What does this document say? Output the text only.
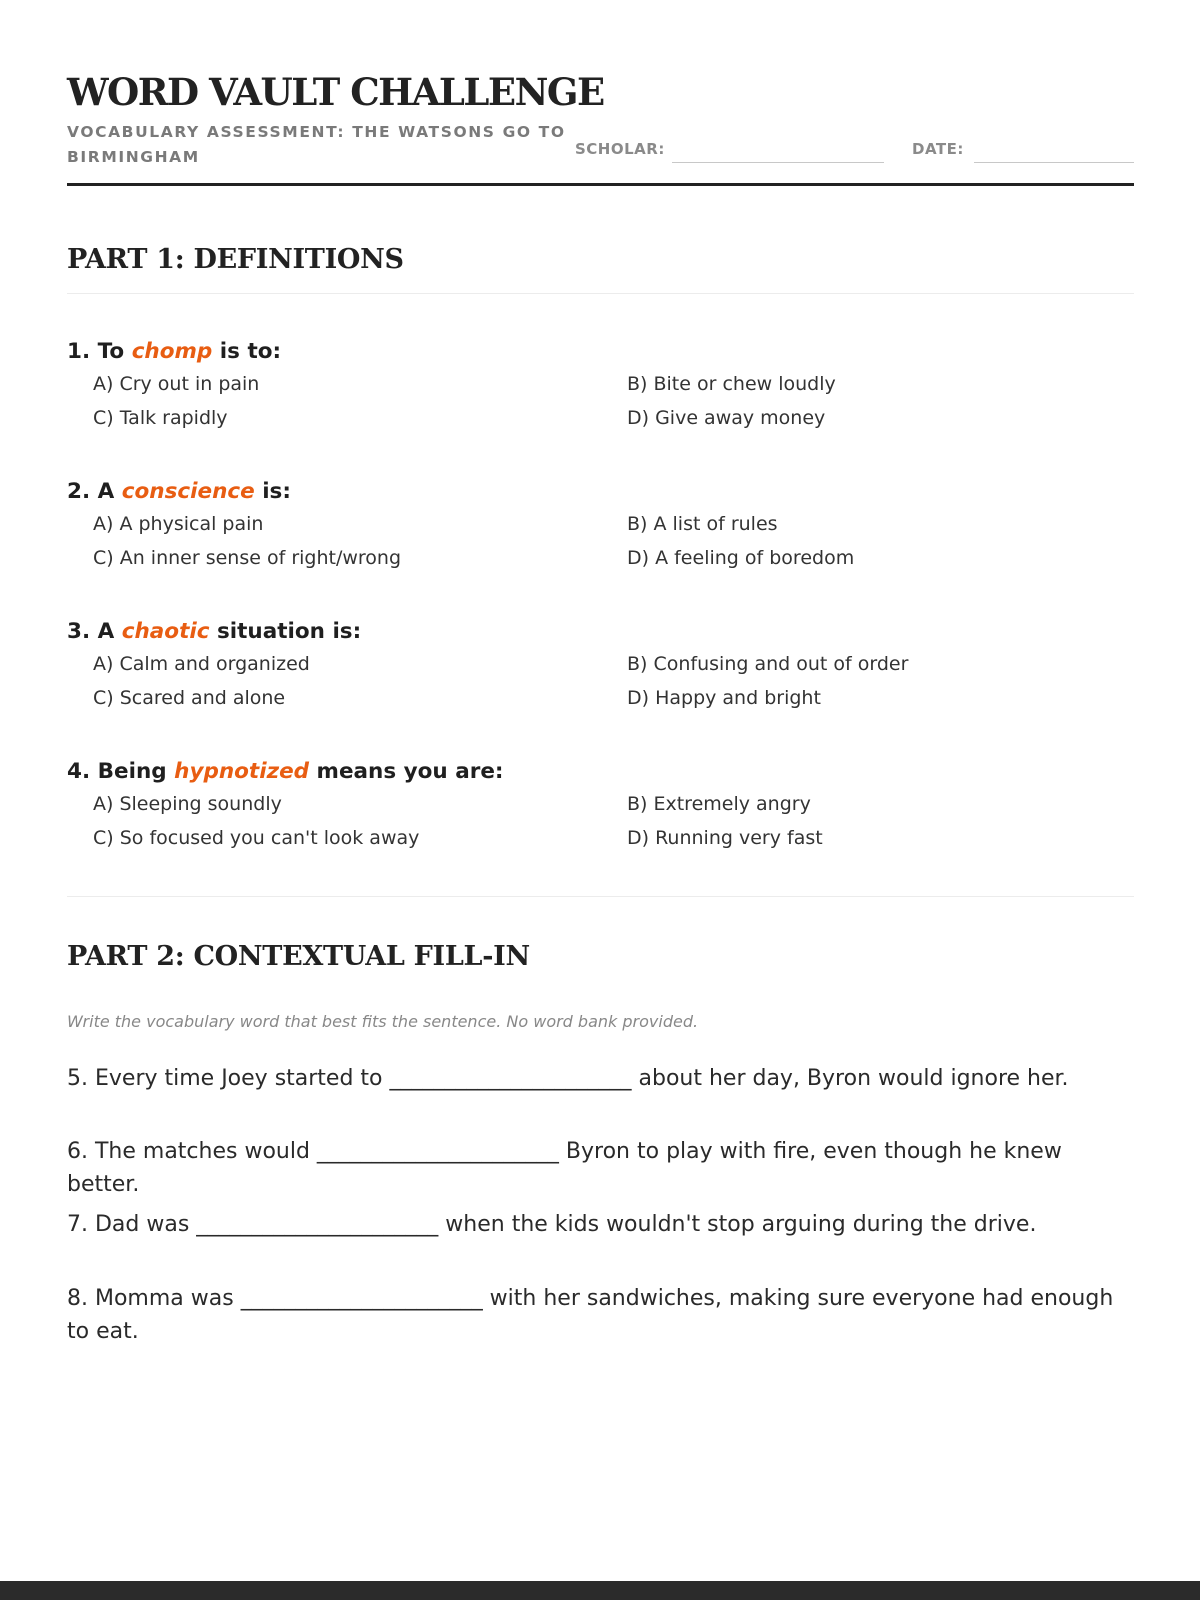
WORD VAULT CHALLENGE
VOCABULARY ASSESSMENT: THE WATSONS GO TO BIRMINGHAM	SCHOLAR:	DATE:
PART 1: DEFINITIONS
1. To chomp is to:
A) Cry out in pain	B) Bite or chew loudly
C) Talk rapidly	D) Give away money
2. A conscience is:
A) A physical pain	B) A list of rules
C) An inner sense of right/wrong	D) A feeling of boredom
3. A chaotic situation is:
A) Calm and organized	B) Confusing and out of order
C) Scared and alone	D) Happy and bright
4. Being hypnotized means you are:
A) Sleeping soundly	B) Extremely angry
C) So focused you can't look away	D) Running very fast
PART 2: CONTEXTUAL FILL-IN
Write the vocabulary word that best fits the sentence. No word bank provided.
5. Every time Joey started to ______________________ about her day, Byron would ignore her.
6. The matches would ______________________ Byron to play with fire, even though he knew better.
7. Dad was ______________________ when the kids wouldn't stop arguing during the drive.
8. Momma was ______________________ with her sandwiches, making sure everyone had enough to eat.
